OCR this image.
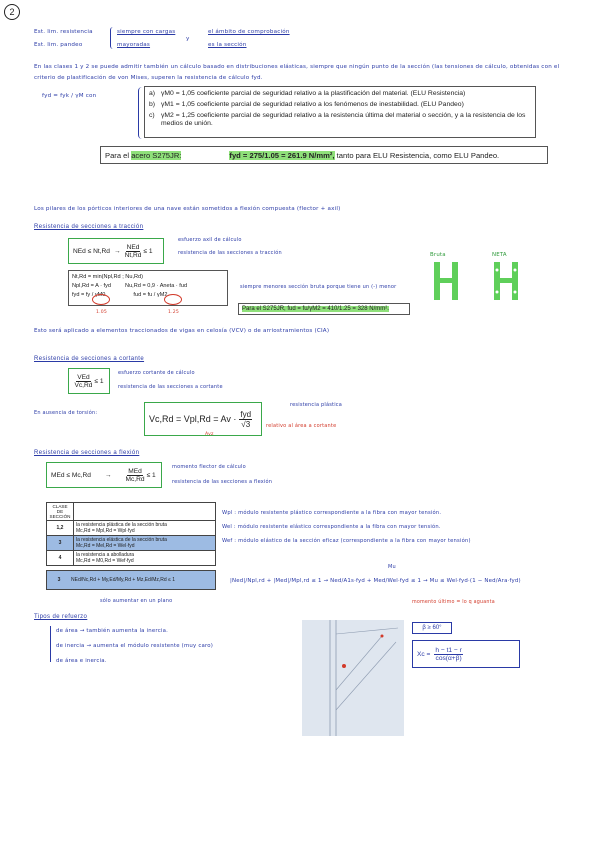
2
Est. lim. resistencia
Est. lim. pandeo
siempre con cargas
mayoradas
y
el ámbito de comprobación
es la sección
En las clases 1 y 2 se puede admitir también un cálculo basado en distribuciones elásticas, siempre que ningún punto de la sección (las tensiones de cálculo, obtenidas con el criterio de plastificación de von Mises, superen la resistencia de cálculo fyd.
fyd = fyk / γM con	a) γM0 = 1,05 coeficiente parcial de seguridad relativo a la plastificación del material. (ELU Resistencia)
b) γM1 = 1,05 coeficiente parcial de seguridad relativo a los fenómenos de inestabilidad. (ELU Pandeo)
c) γM2 = 1,25 coeficiente parcial de seguridad relativo a la resistencia última del material o sección, y a la resistencia de los medios de unión.
Para el
acero S275JR:	fyd = 275/1.05 = 261.9 N/mm²,
tanto para ELU Resistencia, como ELU Pandeo.
Los pilares de los pórticos interiores de una nave están sometidos a flexión compuesta (flector + axil)
Resistencia de secciones a tracción
NEd ≤ $Nt,Rd \to \frac{\text{NEd}}{Nt,Rd} \le 1$
esfuerzo axil de cálculo
resistencia de las secciones a tracción
Nt,Rd = min(Npl,Rd ; Nu,Rd)
Npl,Rd = A · fyd	Nu,Rd = 0,9 · Aneta · fud
fyd = fy / γM0	fud = fu / γM2
1.05	1.25
siempre menores sección bruta porque tiene un (-) menor
Para el S275JR, fud = fu/γM2 = 410/1.25 = 328 N/mm².
Bruta	NETA
Esto será aplicado a elementos traccionados de vigas en celosía (VCV) o de arriostramientos (CIA)
Resistencia de secciones a cortante
$\frac{\text{VEd}}{Vc,Rd} \le 1$
esfuerzo cortante de cálculo
resistencia de las secciones a cortante
En ausencia de torsión:
$Vc,Rd = Vpl,Rd = Av \cdot \frac{\text{fyd}}{√3}$
Avz
resistencia plástica
relativo al área a cortante
Resistencia de secciones a flexión
MEd ≤ $Mc,Rd \to \frac{\text{MEd}}{Mc,Rd} \le 1$
momento flector de cálculo
resistencia de las secciones a flexión
CLASE DE SECCIÓN	
1,2	la resistencia plástica de la sección bruta
Mc,Rd = Mpl,Rd = Wpl·fyd

3	la resistencia elástica de la sección bruta
Mc,Rd = Mel,Rd = Wel·fyd

4	la resistencia a abolladura
Mc,Rd = M0,Rd = Wef·fyd
3	NEd/Nc,Rd + My,Ed/My,Rd + Mz,Ed/Mz,Rd ≤ 1
sólo aumentar en un plano
Wpl : módulo resistente plástico correspondiente a la fibra con mayor tensión.
Wel : módulo resistente elástico correspondiente a la fibra con mayor tensión.
Wef : módulo elástico de la sección eficaz (correspondiente a la fibra con mayor tensión)
Mu
|Ned|/Npl,rd + |Med|/Mpl,rd ≤ 1 → Ned/A1s·fyd + Med/Wel·fyd ≤ 1 → Mu ≤ Wel·fyd·(1 − Ned/Ara·fyd)
momento último = lo q aguanta
Tipos de refuerzo
de área → también aumenta la inercia.
de inercia → aumenta el módulo resistente (muy caro)
de área e inercia.
β ≥ 60°
$Xc = \frac{h - t1 - r}{\cos(\alpha+\beta)}$
